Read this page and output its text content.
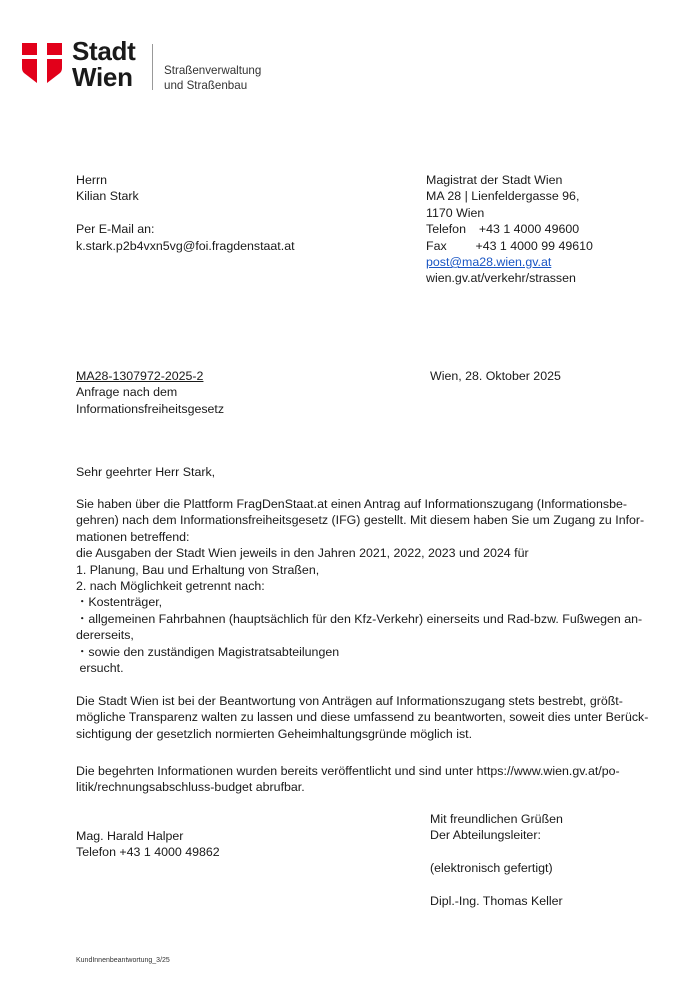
Stadt
Wien	Straßenverwaltung
und Straßenbau
Herrn
Kilian Stark
Per E-Mail an:
k.stark.p2b4vxn5vg@foi.fragdenstaat.at
Magistrat der Stadt Wien
MA 28 | Lienfeldergasse 96,
1170 Wien
Telefon +43 1 4000 49600
Fax +43 1 4000 99 49610
post@ma28.wien.gv.at
wien.gv.at/verkehr/strassen
MA28-1307972-2025-2
Anfrage nach dem
Informationsfreiheitsgesetz
Wien, 28. Oktober 2025
Sehr geehrter Herr Stark,
Sie haben über die Plattform FragDenStaat.at einen Antrag auf Informationszugang (Informationsbe-
gehren) nach dem Informationsfreiheitsgesetz (IFG) gestellt. Mit diesem haben Sie um Zugang zu Infor-
mationen betreffend:
die Ausgaben der Stadt Wien jeweils in den Jahren 2021, 2022, 2023 und 2024 für
1. Planung, Bau und Erhaltung von Straßen,
2. nach Möglichkeit getrennt nach:
・Kostenträger,
・allgemeinen Fahrbahnen (hauptsächlich für den Kfz-Verkehr) einerseits und Rad-bzw. Fußwegen an-
dererseits,
・sowie den zuständigen Magistratsabteilungen
ersucht.
Die Stadt Wien ist bei der Beantwortung von Anträgen auf Informationszugang stets bestrebt, größt-
mögliche Transparenz walten zu lassen und diese umfassend zu beantworten, soweit dies unter Berück-
sichtigung der gesetzlich normierten Geheimhaltungsgründe möglich ist.
Die begehrten Informationen wurden bereits veröffentlicht und sind unter https://www.wien.gv.at/po-
litik/rechnungsabschluss-budget abrufbar.
Mit freundlichen Grüßen
Der Abteilungsleiter:
(elektronisch gefertigt)
Dipl.-Ing. Thomas Keller
Mag. Harald Halper
Telefon +43 1 4000 49862
KundInnenbeantwortung_3/25
